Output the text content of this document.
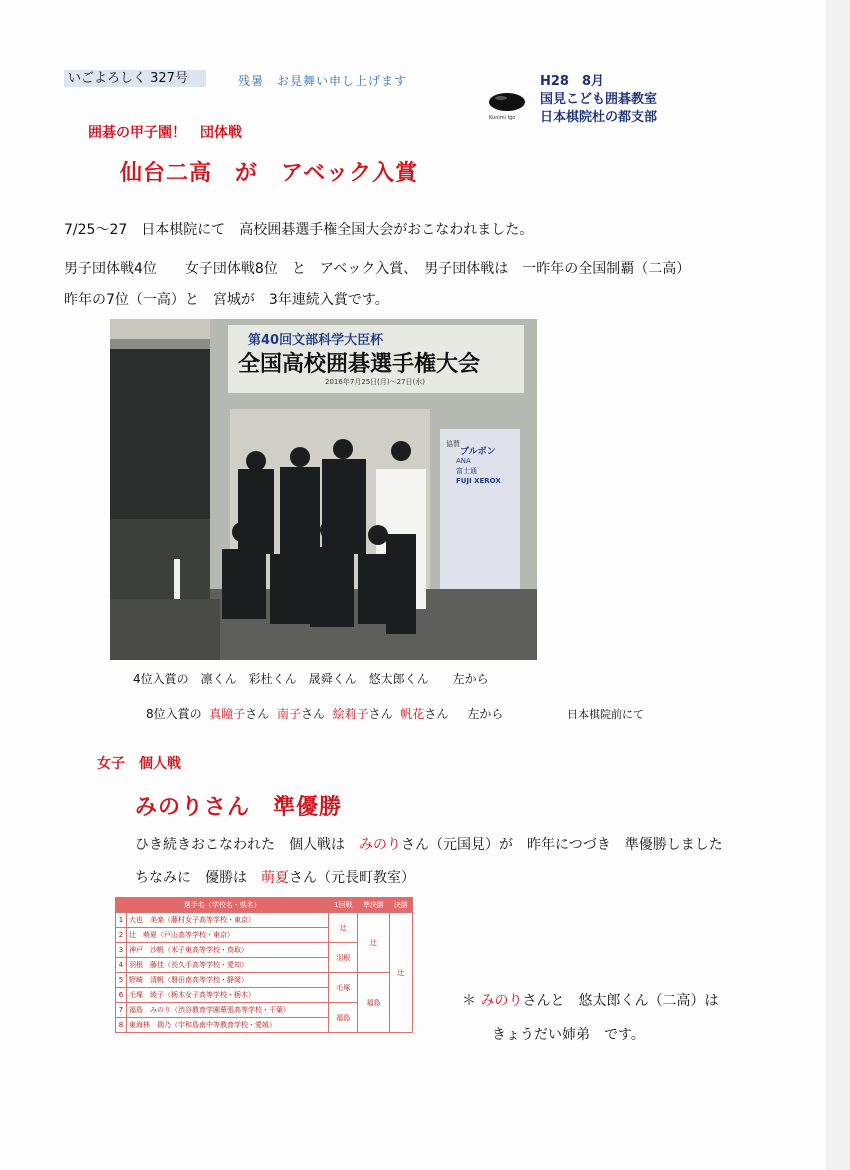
いごよろしく 327号	残暑　お見舞い申し上げます	H28　8月
国見こども囲碁教室
日本棋院杜の都支部
Kunimi Igo
囲碁の甲子園！　団体戦
仙台二高　が　アベック入賞
7/25～27　日本棋院にて　高校囲碁選手権全国大会がおこなわれました。
男子団体戦4位　　女子団体戦8位　と　アベック入賞、　男子団体戦は　一昨年の全国制覇（二高）
昨年の7位（一高）と　宮城が　3年連続入賞です。
第40回文部科学大臣杯
全国高校囲碁選手権大会
2016年7月25日(月)～27日(水)
協賛
ブルボン
ANA
富士通
FUJI XEROX
4位入賞の　凛くん　彩杜くん　晟舜くん　悠太郎くん　　左から
8位入賞の 真瞳子さん 南子さん 絵莉子さん 帆花さん 左から	日本棋院前にて
女子　個人戦
みのりさん　準優勝
ひき続きおこなわれた　個人戦は　みのりさん（元国見）が　昨年につづき　準優勝しました
ちなみに　優勝は　萌夏さん（元長町教室）
選手名（学校名・県名）		1回戦	準決勝	決勝
1	大也　美楽（藤村女子高等学校・東京）	辻	辻	辻
2	辻　萌夏（戸山高等学校・東京）			
3	神戸　沙帆（米子東高等学校・鳥取）	羽根		
4	羽根　藤佳（長久手高等学校・愛知）			
5	野崎　清帆（磐田南高等学校・静岡）	毛塚	福島	
6	毛塚　綾子（栃木女子高等学校・栃木）			
7	福島　みのり（渋谷教育学園幕張高等学校・千葉）	福島		
8	東海林　瑞乃（宇和島南中等教育学校・愛媛）			
＊ みのりさんと　悠太郎くん（二高）は
きょうだい姉弟　です。
